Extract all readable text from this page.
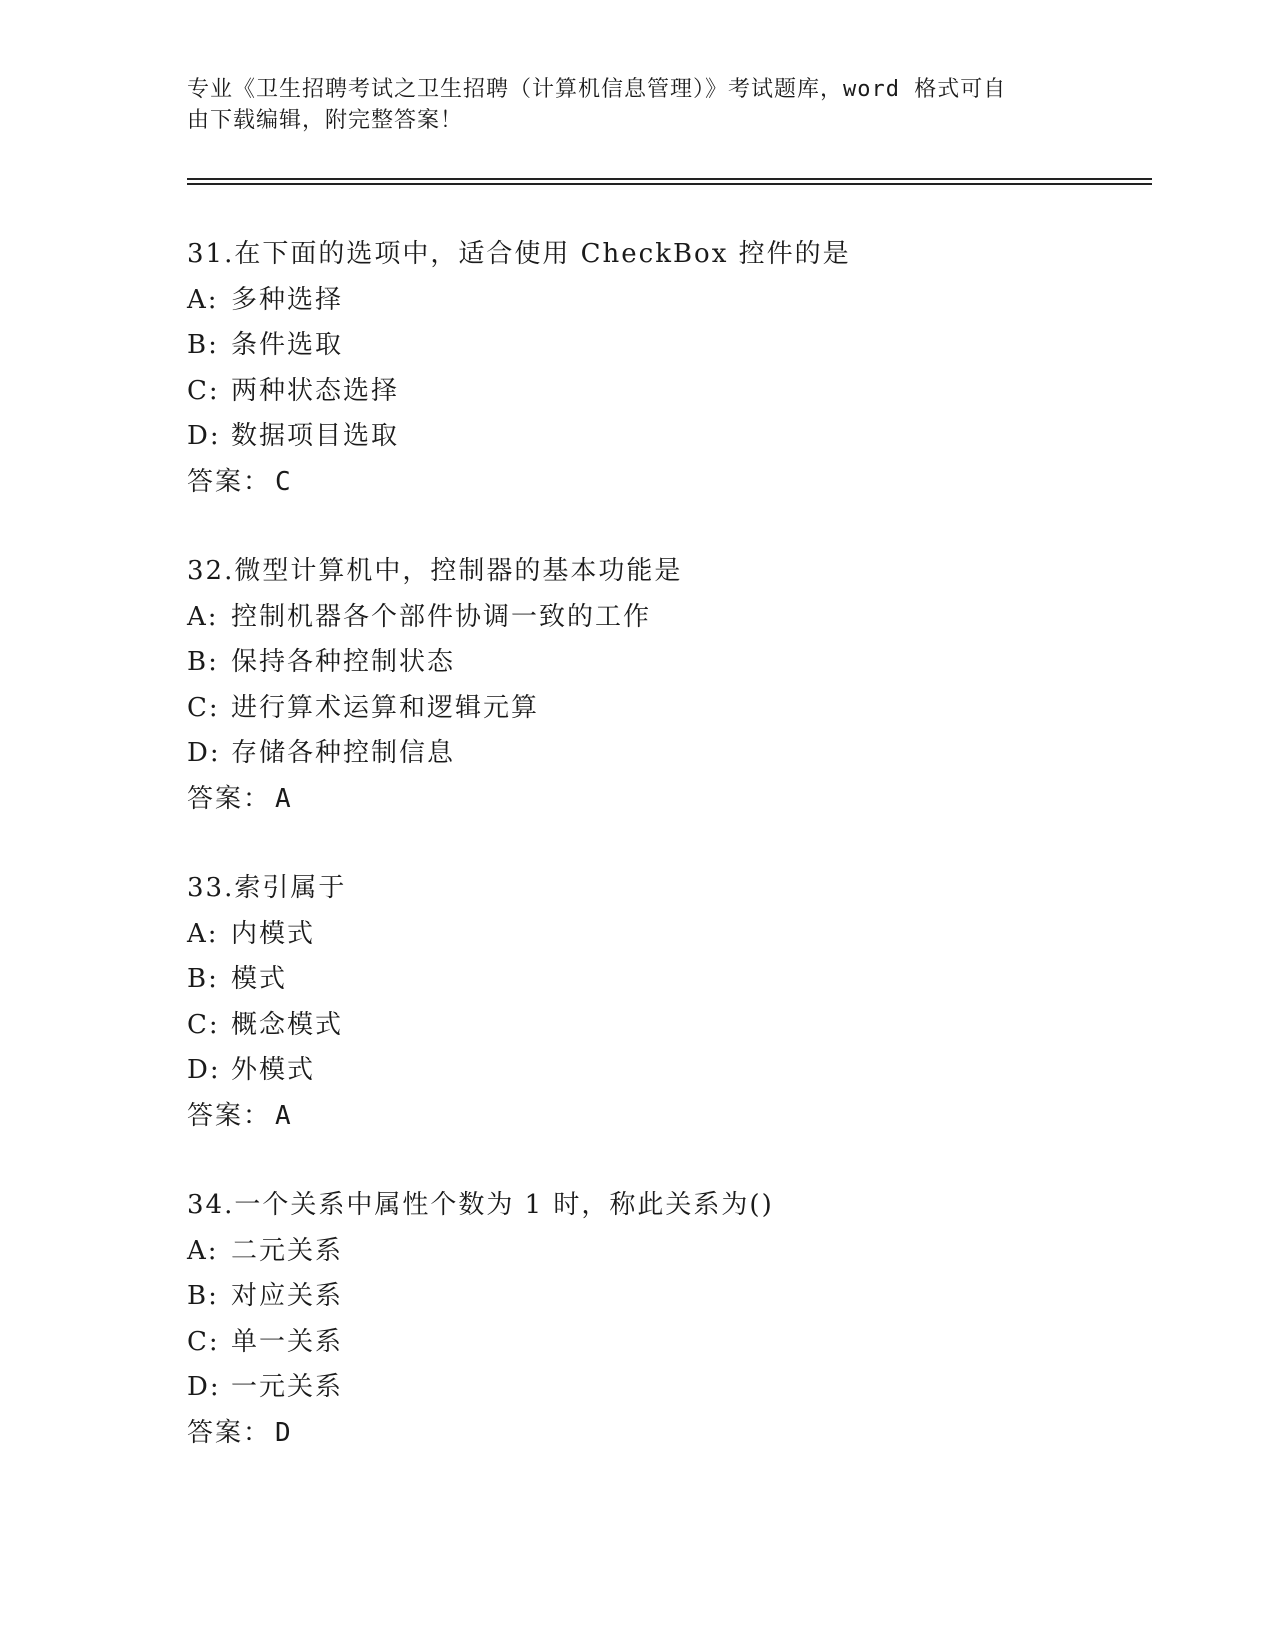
专业《卫生招聘考试之卫生招聘（计算机信息管理）》考试题库，word 格式可自
由下载编辑，附完整答案！
31.在下面的选项中，适合使用 CheckBox 控件的是
A: 多种选择
B: 条件选取
C: 两种状态选择
D: 数据项目选取
答案： C
32.微型计算机中，控制器的基本功能是
A: 控制机器各个部件协调一致的工作
B: 保持各种控制状态
C: 进行算术运算和逻辑元算
D: 存储各种控制信息
答案： A
33.索引属于
A: 内模式
B: 模式
C: 概念模式
D: 外模式
答案： A
34.一个关系中属性个数为 1 时，称此关系为()
A: 二元关系
B: 对应关系
C: 单一关系
D: 一元关系
答案： D
